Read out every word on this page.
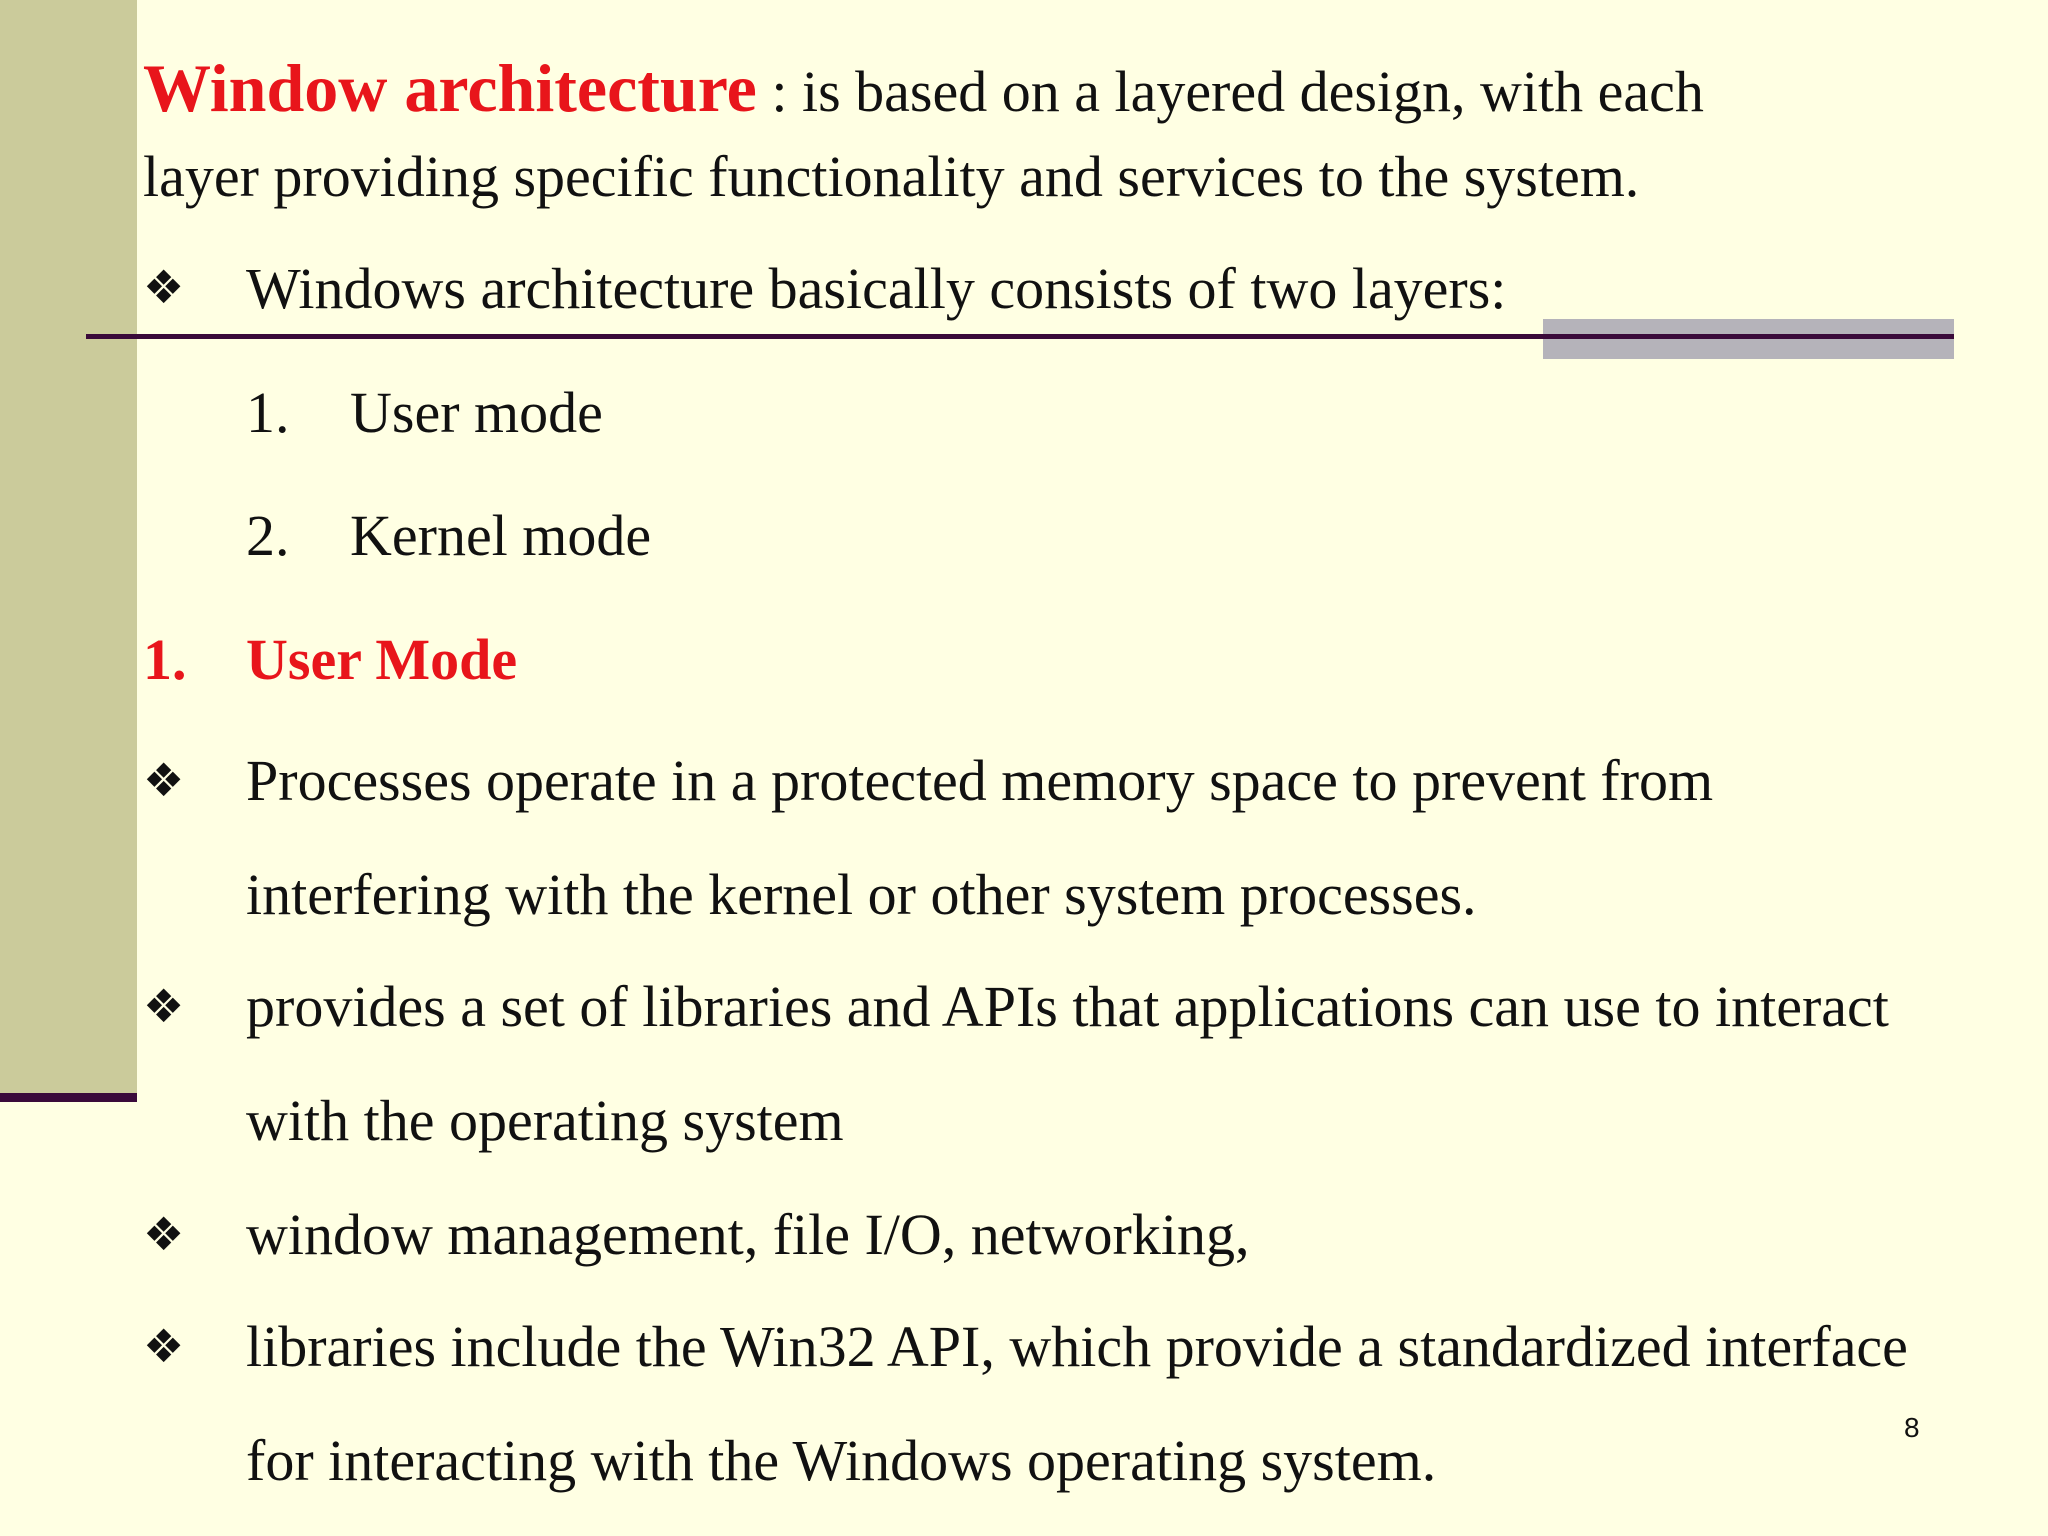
Window architecture : is based on a layered design, with each
layer providing specific functionality and services to the system.
❖ Windows architecture basically consists of two layers:
1. User mode
2. Kernel mode
1. User Mode
❖ Processes operate in a protected memory space to prevent from
interfering with the kernel or other system processes.
❖ provides a set of libraries and APIs that applications can use to interact
with the operating system
❖ window management, file I/O, networking,
❖ libraries include the Win32 API, which provide a standardized interface
for interacting with the Windows operating system.
8
